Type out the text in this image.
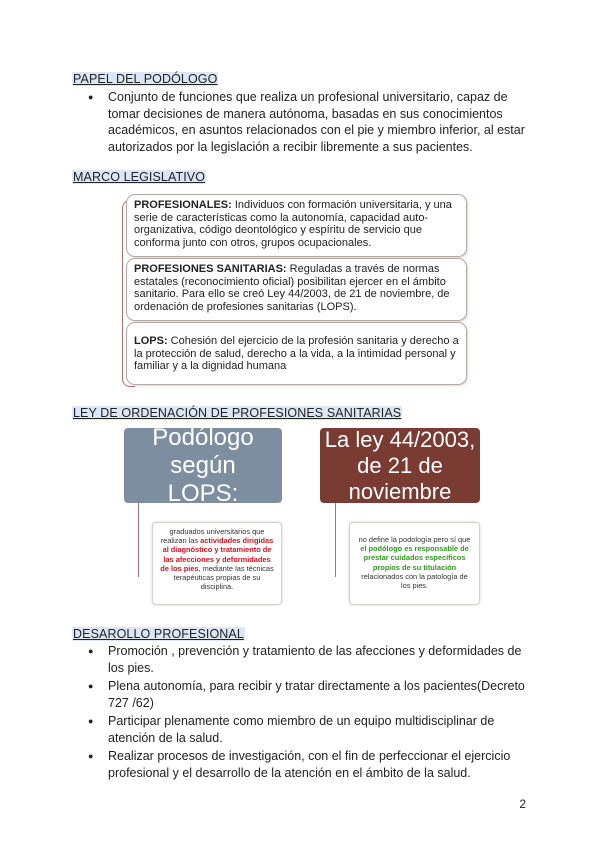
PAPEL DEL PODÓLOGO
● Conjunto de funciones que realiza un profesional universitario, capaz de tomar decisiones de manera autónoma, basadas en sus conocimientos académicos, en asuntos relacionados con el pie y miembro inferior, al estar autorizados por la legislación a recibir libremente a sus pacientes.
MARCO LEGISLATIVO
PROFESIONALES: Individuos con formación universitaria, y una serie de características como la autonomía, capacidad auto-organizativa, código deontológico y espíritu de servicio que conforma junto con otros, grupos ocupacionales.
PROFESIONES SANITARIAS: Reguladas a través de normas estatales (reconocimiento oficial) posibilitan ejercer en el ámbito sanitario. Para ello se creó Ley 44/2003, de 21 de noviembre, de ordenación de profesiones sanitarias (LOPS).
LOPS: Cohesión del ejercicio de la profesión sanitaria y derecho a la protección de salud, derecho a la vida, a la intimidad personal y familiar y a la dignidad humana
LEY DE ORDENACIÓN DE PROFESIONES SANITARIAS
Podólogo según LOPS:
La ley 44/2003, de 21 de noviembre
graduados universitarios que realizan las actividades dirigidas al diagnóstico y tratamiento de las afecciones y deformidades de los pies, mediante las técnicas terapéuticas propias de su disciplina.
no define la podología pero sí que el podólogo es responsable de prestar cuidados específicos propios de su titulación relacionados con la patología de los pies.
DESAROLLO PROFESIONAL
● Promoción , prevención y tratamiento de las afecciones y deformidades de los pies.
● Plena autonomía, para recibir y tratar directamente a los pacientes(Decreto 727 /62)
● Participar plenamente como miembro de un equipo multidisciplinar de atención de la salud.
● Realizar procesos de investigación, con el fin de perfeccionar el ejercicio profesional y el desarrollo de la atención en el ámbito de la salud.
2
